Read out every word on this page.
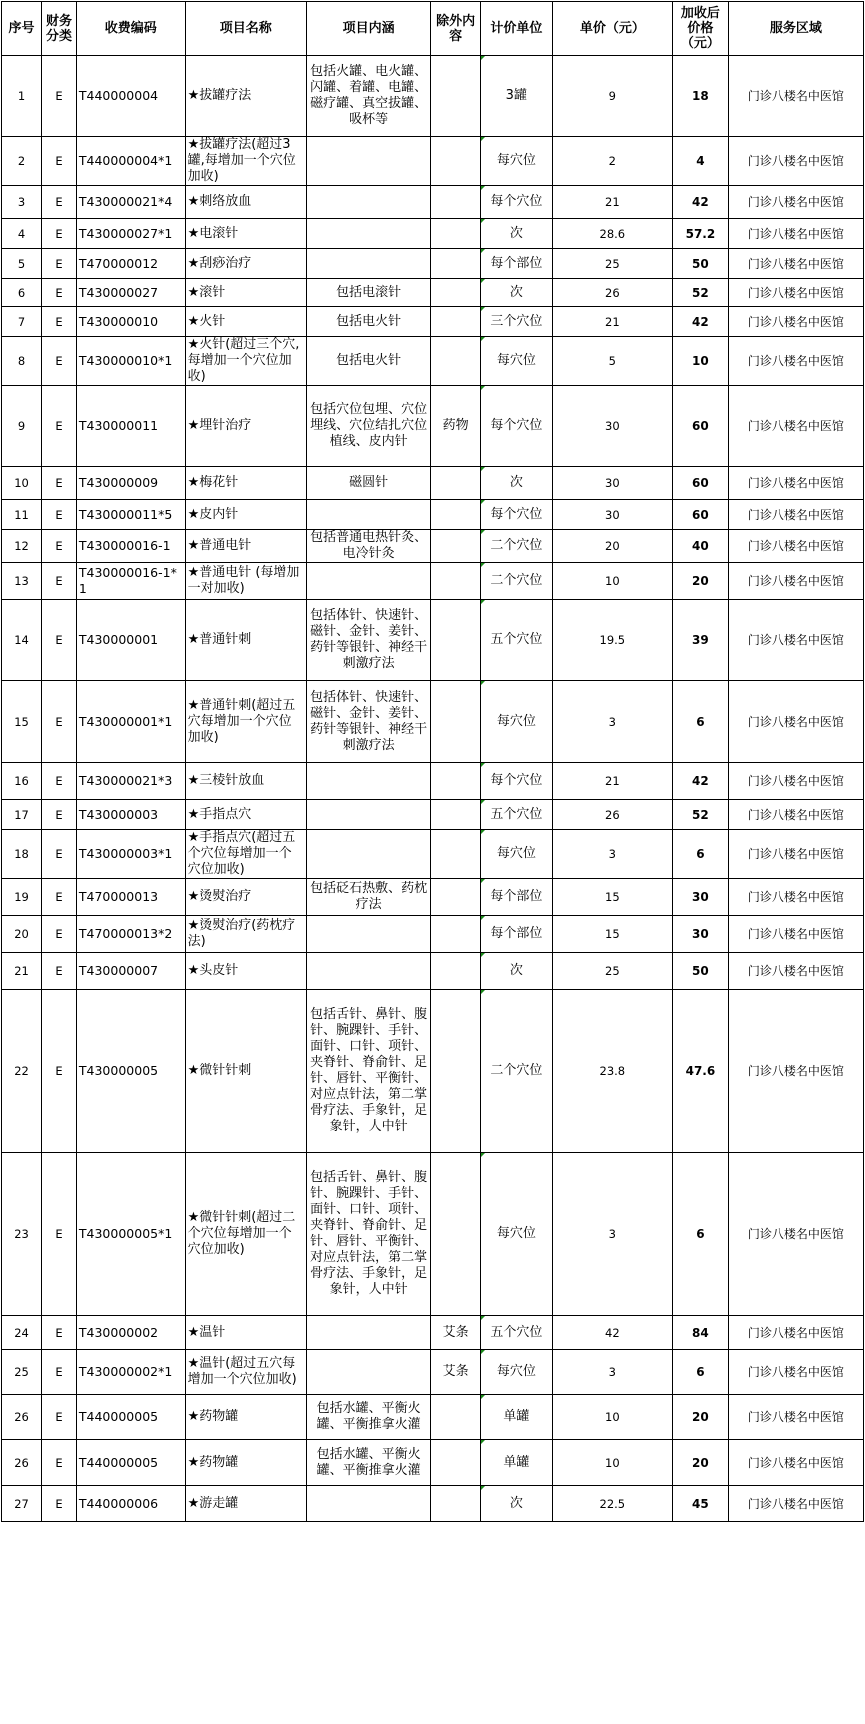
序号	财务分类	收费编码	项目名称	项目内涵	除外内容	计价单位	单价（元）	加收后价格（元）	服务区域
1	E	T440000004	★拔罐疗法	包括火罐、电火罐、闪罐、着罐、电罐、磁疗罐、真空拔罐、吸杯等		3罐	9	18	门诊八楼名中医馆
2	E	T440000004*1	★拔罐疗法(超过3罐,每增加一个穴位加收)			每穴位	2	4	门诊八楼名中医馆
3	E	T430000021*4	★刺络放血			每个穴位	21	42	门诊八楼名中医馆
4	E	T430000027*1	★电滚针			次	28.6	57.2	门诊八楼名中医馆
5	E	T470000012	★刮痧治疗			每个部位	25	50	门诊八楼名中医馆
6	E	T430000027	★滚针	包括电滚针		次	26	52	门诊八楼名中医馆
7	E	T430000010	★火针	包括电火针		三个穴位	21	42	门诊八楼名中医馆
8	E	T430000010*1	★火针(超过三个穴,每增加一个穴位加收)	包括电火针		每穴位	5	10	门诊八楼名中医馆
9	E	T430000011	★埋针治疗	包括穴位包埋、穴位埋线、穴位结扎穴位植线、皮内针	药物	每个穴位	30	60	门诊八楼名中医馆
10	E	T430000009	★梅花针	磁圆针		次	30	60	门诊八楼名中医馆
11	E	T430000011*5	★皮内针			每个穴位	30	60	门诊八楼名中医馆
12	E	T430000016-1	★普通电针	包括普通电热针灸、电冷针灸		二个穴位	20	40	门诊八楼名中医馆
13	E	T430000016-1*1	★普通电针 (每增加一对加收)			二个穴位	10	20	门诊八楼名中医馆
14	E	T430000001	★普通针刺	包括体针、快速针、磁针、金针、姜针、药针等银针、神经干刺激疗法		五个穴位	19.5	39	门诊八楼名中医馆
15	E	T430000001*1	★普通针刺(超过五穴每增加一个穴位加收)	包括体针、快速针、磁针、金针、姜针、药针等银针、神经干刺激疗法		每穴位	3	6	门诊八楼名中医馆
16	E	T430000021*3	★三棱针放血			每个穴位	21	42	门诊八楼名中医馆
17	E	T430000003	★手指点穴			五个穴位	26	52	门诊八楼名中医馆
18	E	T430000003*1	★手指点穴(超过五个穴位每增加一个穴位加收)			每穴位	3	6	门诊八楼名中医馆
19	E	T470000013	★烫熨治疗	包括砭石热敷、药枕疗法		每个部位	15	30	门诊八楼名中医馆
20	E	T470000013*2	★烫熨治疗(药枕疗法)			每个部位	15	30	门诊八楼名中医馆
21	E	T430000007	★头皮针			次	25	50	门诊八楼名中医馆
22	E	T430000005	★微针针刺	包括舌针、鼻针、腹针、腕踝针、手针、面针、口针、项针、夹脊针、脊俞针、足针、唇针、平衡针、对应点针法，第二掌骨疗法、手象针，足象针，人中针		二个穴位	23.8	47.6	门诊八楼名中医馆
23	E	T430000005*1	★微针针刺(超过二个穴位每增加一个穴位加收)	包括舌针、鼻针、腹针、腕踝针、手针、面针、口针、项针、夹脊针、脊俞针、足针、唇针、平衡针、对应点针法，第二掌骨疗法、手象针，足象针，人中针		每穴位	3	6	门诊八楼名中医馆
24	E	T430000002	★温针		艾条	五个穴位	42	84	门诊八楼名中医馆
25	E	T430000002*1	★温针(超过五穴每增加一个穴位加收)		艾条	每穴位	3	6	门诊八楼名中医馆
26	E	T440000005	★药物罐	包括水罐、平衡火罐、平衡推拿火灌		单罐	10	20	门诊八楼名中医馆
26	E	T440000005	★药物罐	包括水罐、平衡火罐、平衡推拿火灌		单罐	10	20	门诊八楼名中医馆
27	E	T440000006	★游走罐			次	22.5	45	门诊八楼名中医馆
